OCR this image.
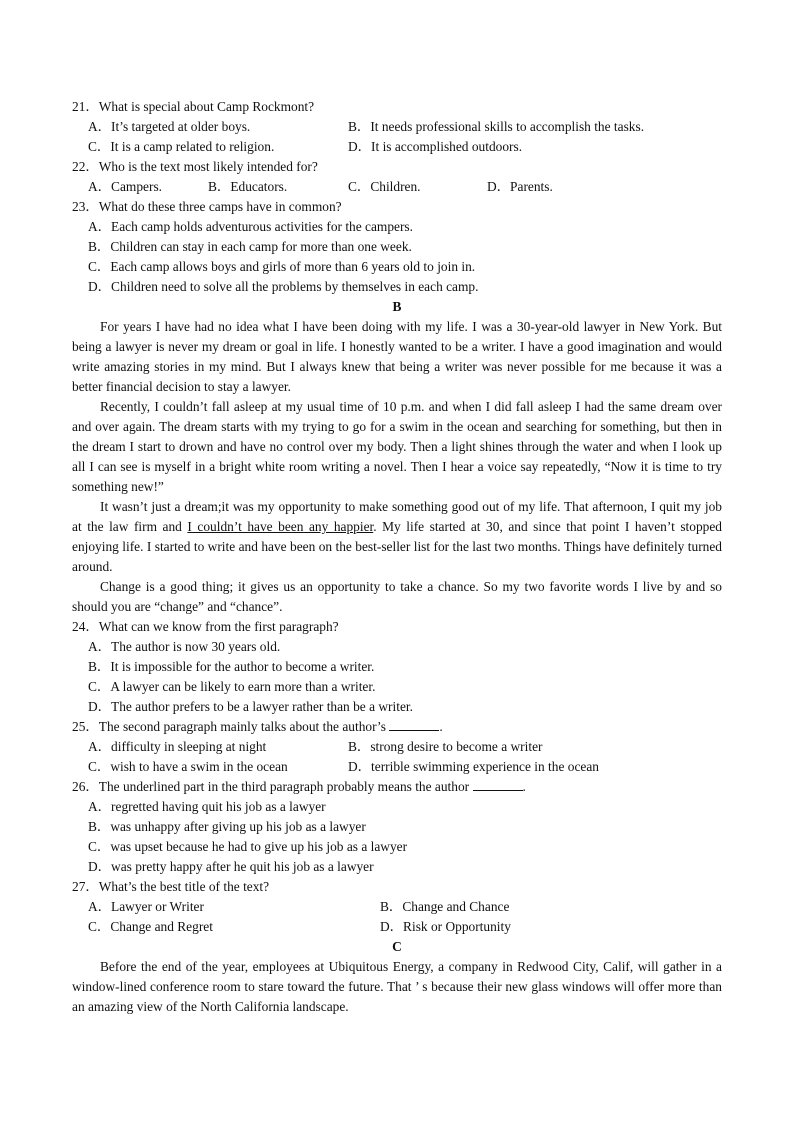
21．What is special about Camp Rockmont?
A．It’s targeted at older boys.	B．It needs professional skills to accomplish the tasks.
C．It is a camp related to religion.	D．It is accomplished outdoors.
22．Who is the text most likely intended for?
A．Campers.	B．Educators.	C．Children.	D．Parents.
23．What do these three camps have in common?
A．Each camp holds adventurous activities for the campers.
B．Children can stay in each camp for more than one week.
C．Each camp allows boys and girls of more than 6 years old to join in.
D．Children need to solve all the problems by themselves in each camp.
B
For years I have had no idea what I have been doing with my life. I was a 30-year-old lawyer in New York. But being a lawyer is never my dream or goal in life. I honestly wanted to be a writer. I have a good imagination and would write amazing stories in my mind. But I always knew that being a writer was never possible for me because it was a better financial decision to stay a lawyer.
Recently, I couldn’t fall asleep at my usual time of 10 p.m. and when I did fall asleep I had the same dream over and over again. The dream starts with my trying to go for a swim in the ocean and searching for something, but then in the dream I start to drown and have no control over my body. Then a light shines through the water and when I look up all I can see is myself in a bright white room writing a novel. Then I hear a voice say repeatedly, “Now it is time to try something new!”
It wasn’t just a dream;it was my opportunity to make something good out of my life. That afternoon, I quit my job at the law firm and I couldn’t have been any happier. My life started at 30, and since that point I haven’t stopped enjoying life. I started to write and have been on the best-seller list for the last two months. Things have definitely turned around.
Change is a good thing; it gives us an opportunity to take a chance. So my two favorite words I live by and so should you are “change” and “chance”.
24．What can we know from the first paragraph?
A．The author is now 30 years old.
B．It is impossible for the author to become a writer.
C．A lawyer can be likely to earn more than a writer.
D．The author prefers to be a lawyer rather than be a writer.
25．The second paragraph mainly talks about the author’s	.
A．difficulty in sleeping at night	B．strong desire to become a writer
C．wish to have a swim in the ocean	D．terrible swimming experience in the ocean
26．The underlined part in the third paragraph probably means the author	.
A．regretted having quit his job as a lawyer
B．was unhappy after giving up his job as a lawyer
C．was upset because he had to give up his job as a lawyer
D．was pretty happy after he quit his job as a lawyer
27．What’s the best title of the text?
A．Lawyer or Writer	B．Change and Chance
C．Change and Regret	D．Risk or Opportunity
C
Before the end of the year, employees at Ubiquitous Energy, a company in Redwood City, Calif, will gather in a window-lined conference room to stare toward the future. That ’ s because their new glass windows will offer more than an amazing view of the North California landscape.
